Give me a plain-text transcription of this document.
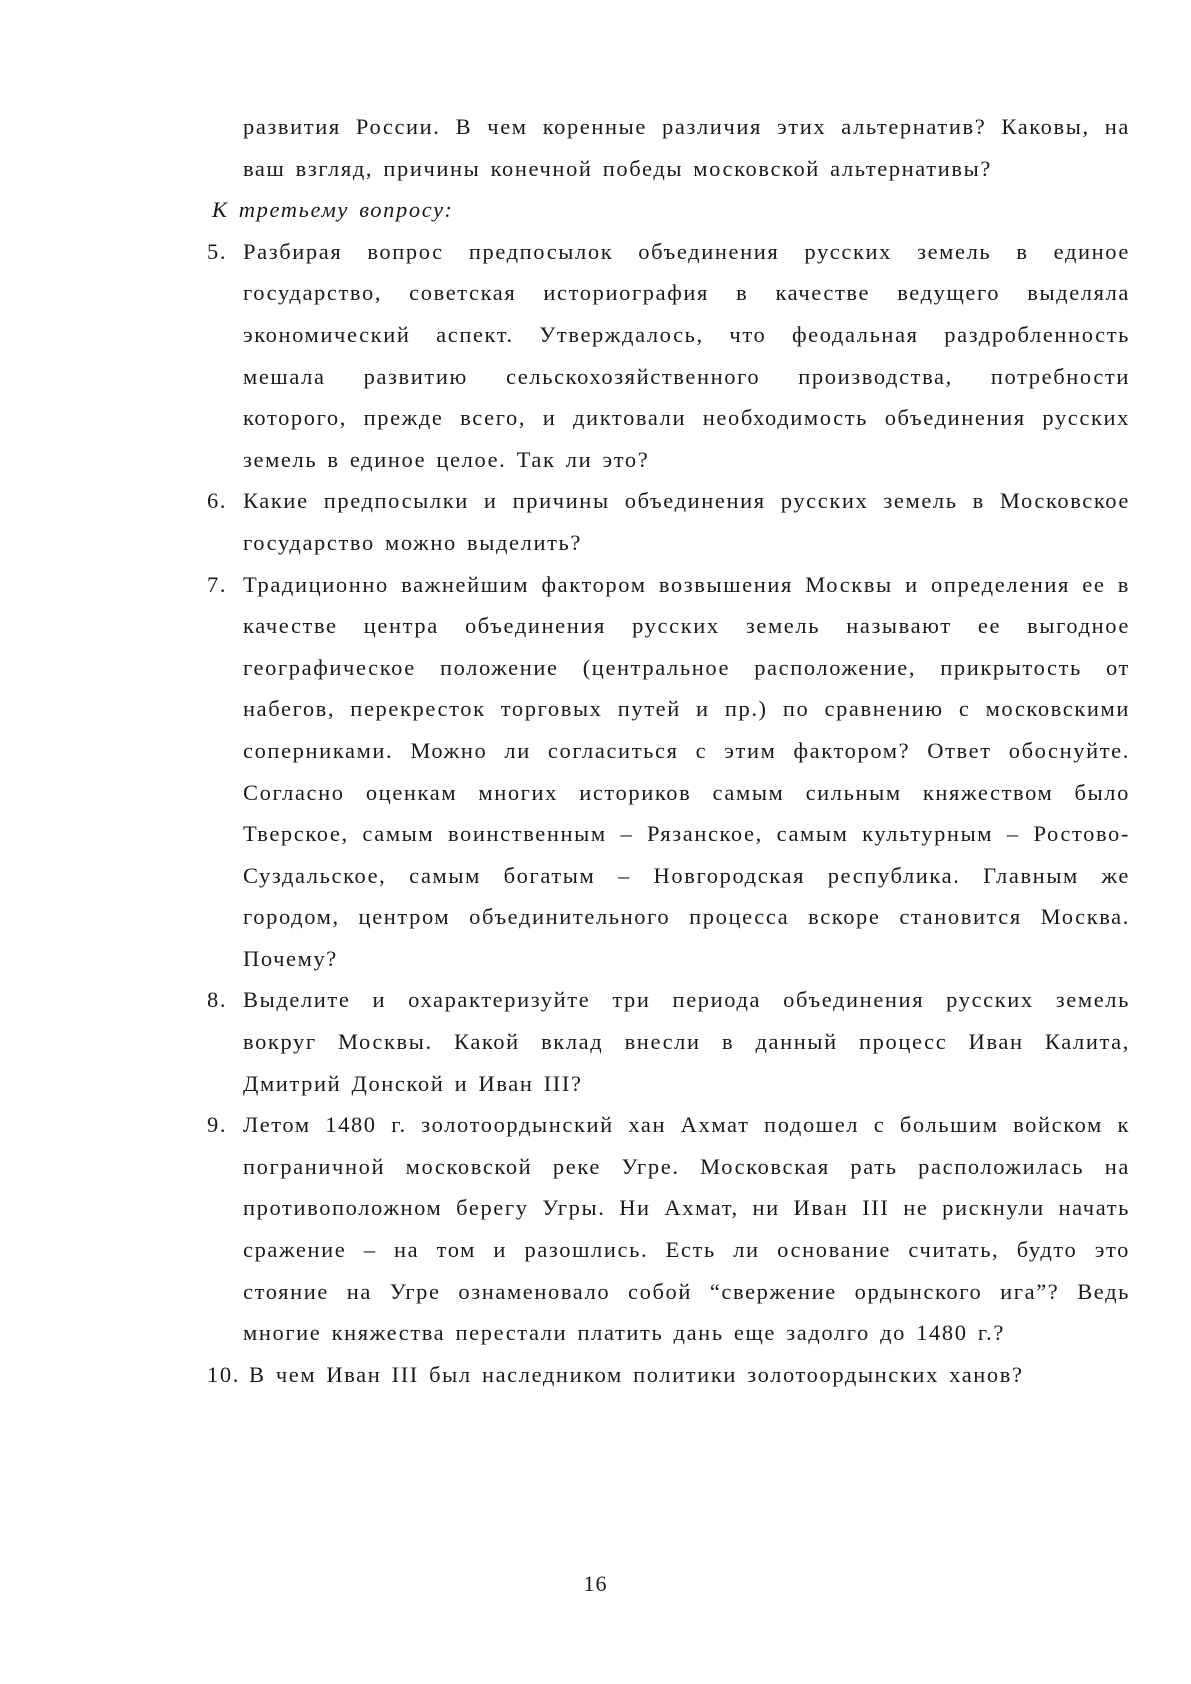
развития России. В чем коренные различия этих альтернатив? Каковы, на ваш взгляд, причины конечной победы московской альтернативы?

К третьему вопросу:

5. Разбирая вопрос предпосылок объединения русских земель в единое государство, советская историография в качестве ведущего выделяла экономический аспект. Утверждалось, что феодальная раздробленность мешала развитию сельскохозяйственного производства, потребности которого, прежде всего, и диктовали необходимость объединения русских земель в единое целое. Так ли это?

6. Какие предпосылки и причины объединения русских земель в Московское государство можно выделить?

7. Традиционно важнейшим фактором возвышения Москвы и определения ее в качестве центра объединения русских земель называют ее выгодное географическое положение (центральное расположение, прикрытость от набегов, перекресток торговых путей и пр.) по сравнению с московскими соперниками. Можно ли согласиться с этим фактором? Ответ обоснуйте. Согласно оценкам многих историков самым сильным княжеством было Тверское, самым воинственным – Рязанское, самым культурным – Ростово-Суздальское, самым богатым – Новгородская республика. Главным же городом, центром объединительного процесса вскоре становится Москва. Почему?

8. Выделите и охарактеризуйте три периода объединения русских земель вокруг Москвы. Какой вклад внесли в данный процесс Иван Калита, Дмитрий Донской и Иван III?

9. Летом 1480 г. золотоордынский хан Ахмат подошел с большим войском к пограничной московской реке Угре. Московская рать расположилась на противоположном берегу Угры. Ни Ахмат, ни Иван III не рискнули начать сражение – на том и разошлись. Есть ли основание считать, будто это стояние на Угре ознаменовало собой “свержение ордынского ига”? Ведь многие княжества перестали платить дань еще задолго до 1480 г.?

10. В чем Иван III был наследником политики золотоордынских ханов?

16
